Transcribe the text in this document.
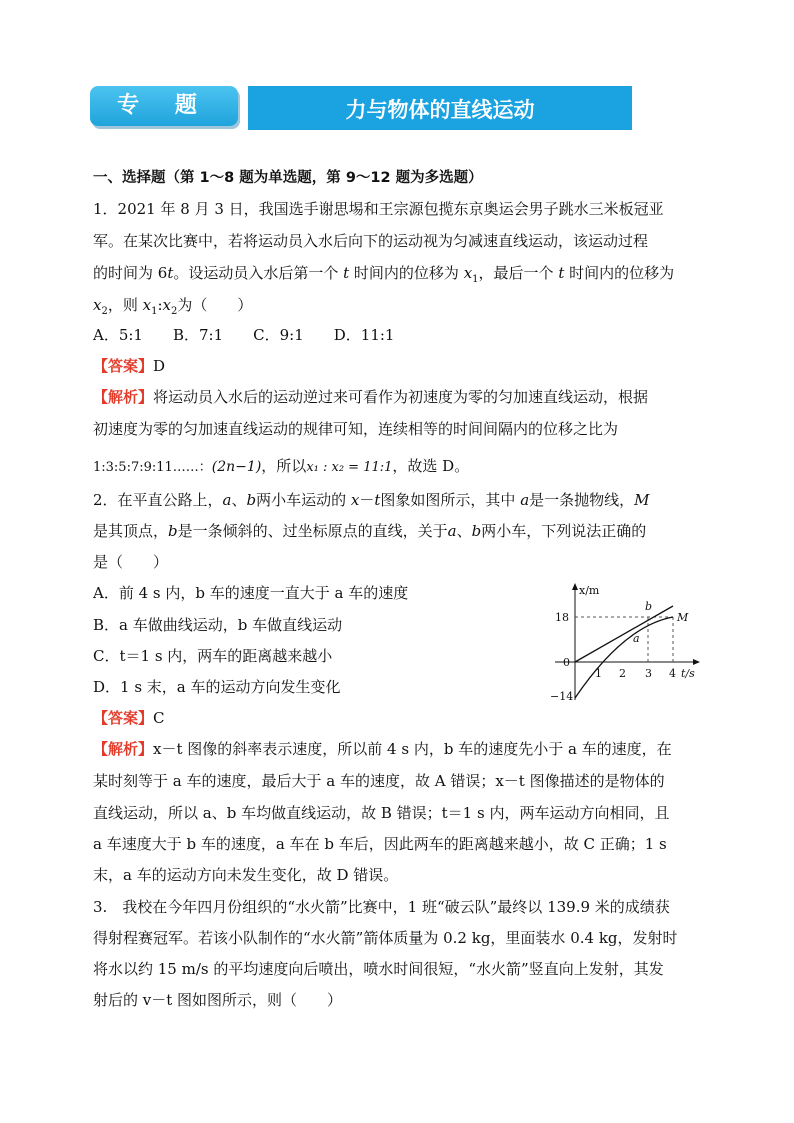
专 题 二
力与物体的直线运动
一、选择题（第 1～8 题为单选题，第 9～12 题为多选题）
1．2021 年 8 月 3 日，我国选手谢思埸和王宗源包揽东京奥运会男子跳水三米板冠亚
军。在某次比赛中，若将运动员入水后向下的运动视为匀减速直线运动，该运动过程
的时间为 6t。设运动员入水后第一个 t 时间内的位移为 $x_1$，最后一个 t 时间内的位移为
$x_2$，则 $x_1:x_2$为（　　）
A．5:1　　B．7:1　　C．9:1　　D．11:1
【答案】D
【解析】将运动员入水后的运动逆过来可看作为初速度为零的匀加速直线运动，根据
初速度为零的匀加速直线运动的规律可知，连续相等的时间间隔内的位移之比为
1:3:5:7:9:11……：(2n−1)，所以x₁ : x₂ = 11:1，故选 D。
2．在平直公路上，a、b两小车运动的 x－t图象如图所示，其中 a是一条抛物线，M
是其顶点，b是一条倾斜的、过坐标原点的直线，关于a、b两小车，下列说法正确的
是（　　）
A．前 4 s 内，b 车的速度一直大于 a 车的速度
B．a 车做曲线运动，b 车做直线运动
C．t＝1 s 内，两车的距离越来越小
D．1 s 末，a 车的运动方向发生变化
x/m
t/s
18
0
−14
1 2 3 4
b
a
M
【答案】C
【解析】x－t 图像的斜率表示速度，所以前 4 s 内，b 车的速度先小于 a 车的速度，在
某时刻等于 a 车的速度，最后大于 a 车的速度，故 A 错误；x－t 图像描述的是物体的
直线运动，所以 a、b 车均做直线运动，故 B 错误；t＝1 s 内，两车运动方向相同，且
a 车速度大于 b 车的速度，a 车在 b 车后，因此两车的距离越来越小，故 C 正确；1 s
末，a 车的运动方向未发生变化，故 D 错误。
3.　我校在今年四月份组织的“水火箭”比赛中，1 班“破云队”最终以 139.9 米的成绩获
得射程赛冠军。若该小队制作的“水火箭”箭体质量为 0.2 kg，里面装水 0.4 kg，发射时
将水以约 15 m/s 的平均速度向后喷出，喷水时间很短，“水火箭”竖直向上发射，其发
射后的 v－t 图如图所示，则（　　）
